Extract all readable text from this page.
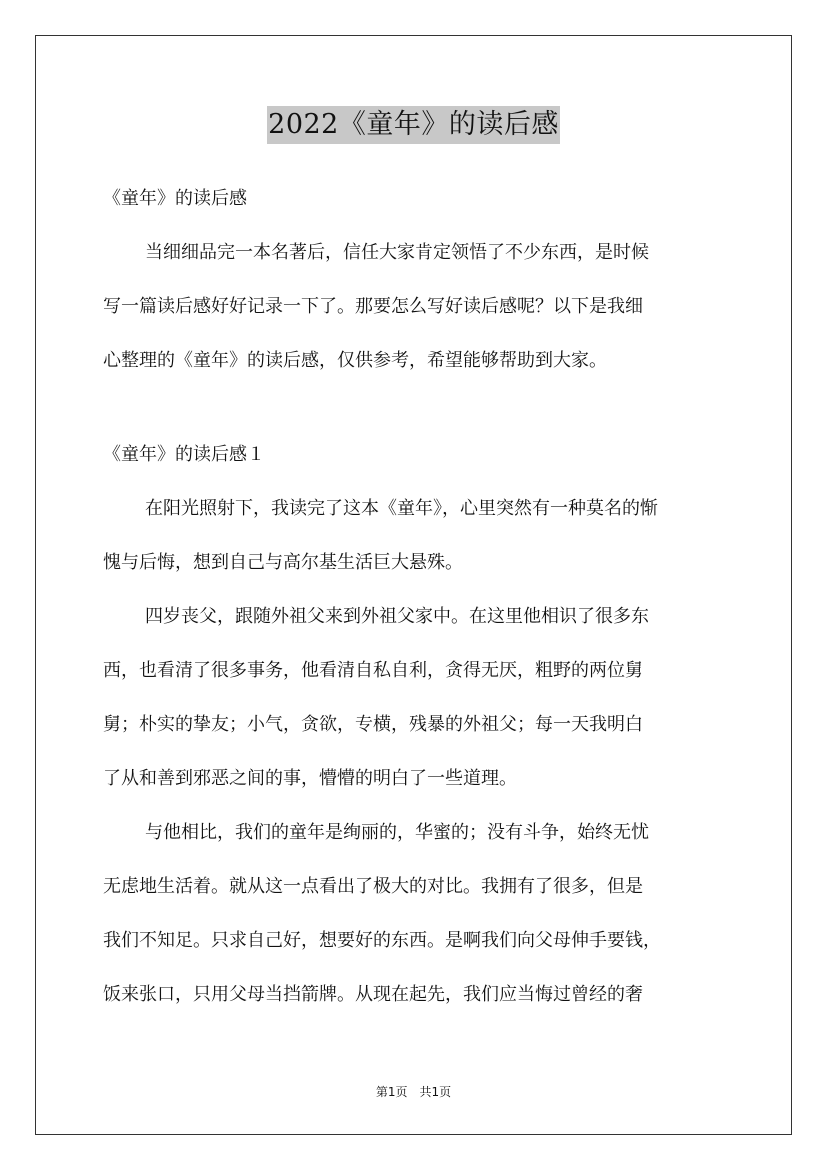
2022《童年》的读后感

《童年》的读后感

当细细品完一本名著后，信任大家肯定领悟了不少东西，是时候

写一篇读后感好好记录一下了。那要怎么写好读后感呢？以下是我细

心整理的《童年》的读后感，仅供参考，希望能够帮助到大家。

《童年》的读后感１

在阳光照射下，我读完了这本《童年》，心里突然有一种莫名的惭

愧与后悔，想到自己与高尔基生活巨大悬殊。

四岁丧父，跟随外祖父来到外祖父家中。在这里他相识了很多东

西，也看清了很多事务，他看清自私自利，贪得无厌，粗野的两位舅

舅；朴实的挚友；小气，贪欲，专横，残暴的外祖父；每一天我明白

了从和善到邪恶之间的事，懵懵的明白了一些道理。

与他相比，我们的童年是绚丽的，华蜜的；没有斗争，始终无忧

无虑地生活着。就从这一点看出了极大的对比。我拥有了很多，但是

我们不知足。只求自己好，想要好的东西。是啊我们向父母伸手要钱，

饭来张口，只用父母当挡箭牌。从现在起先，我们应当悔过曾经的奢

第1页　共1页
